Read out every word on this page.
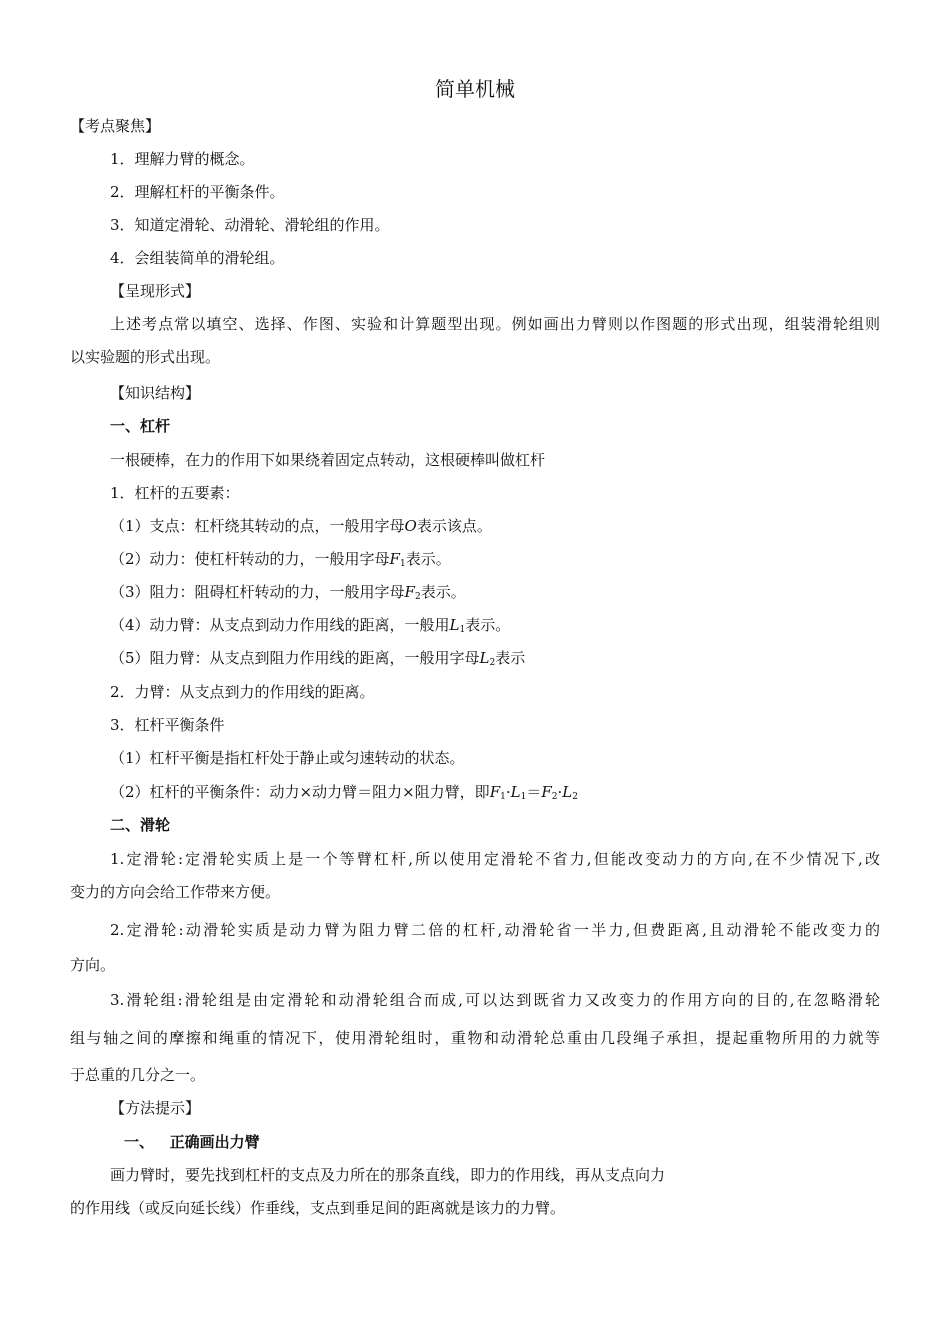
简单机械
【考点聚焦】
1．理解力臂的概念。
2．理解杠杆的平衡条件。
3．知道定滑轮、动滑轮、滑轮组的作用。
4．会组装简单的滑轮组。
【呈现形式】
上述考点常以填空、选择、作图、实验和计算题型出现。例如画出力臂则以作图题的形式出现，组装滑轮组则
以实验题的形式出现。
【知识结构】
一、杠杆
一根硬棒，在力的作用下如果绕着固定点转动，这根硬棒叫做杠杆
1．杠杆的五要素：
（1）支点：杠杆绕其转动的点，一般用字母O表示该点。
（2）动力：使杠杆转动的力，一般用字母$F_1$表示。
（3）阻力：阻碍杠杆转动的力，一般用字母$F_2$表示。
（4）动力臂：从支点到动力作用线的距离，一般用$L_1$表示。
（5）阻力臂：从支点到阻力作用线的距离，一般用字母$L_2$表示
2．力臂：从支点到力的作用线的距离。
3．杠杆平衡条件
（1）杠杆平衡是指杠杆处于静止或匀速转动的状态。
（2）杠杆的平衡条件：动力×动力臂＝阻力×阻力臂，即$F_1\cdot L_1=F_2\cdot L_2$
二、滑轮
1.定滑轮:定滑轮实质上是一个等臂杠杆,所以使用定滑轮不省力,但能改变动力的方向,在不少情况下,改
变力的方向会给工作带来方便。
2.定滑轮:动滑轮实质是动力臂为阻力臂二倍的杠杆,动滑轮省一半力,但费距离,且动滑轮不能改变力的
方向。
3.滑轮组:滑轮组是由定滑轮和动滑轮组合而成,可以达到既省力又改变力的作用方向的目的,在忽略滑轮
组与轴之间的摩擦和绳重的情况下，使用滑轮组时，重物和动滑轮总重由几段绳子承担，提起重物所用的力就等
于总重的几分之一。
【方法提示】
一、   正确画出力臂
画力臂时，要先找到杠杆的支点及力所在的那条直线，即力的作用线，再从支点向力
的作用线（或反向延长线）作垂线，支点到垂足间的距离就是该力的力臂。
